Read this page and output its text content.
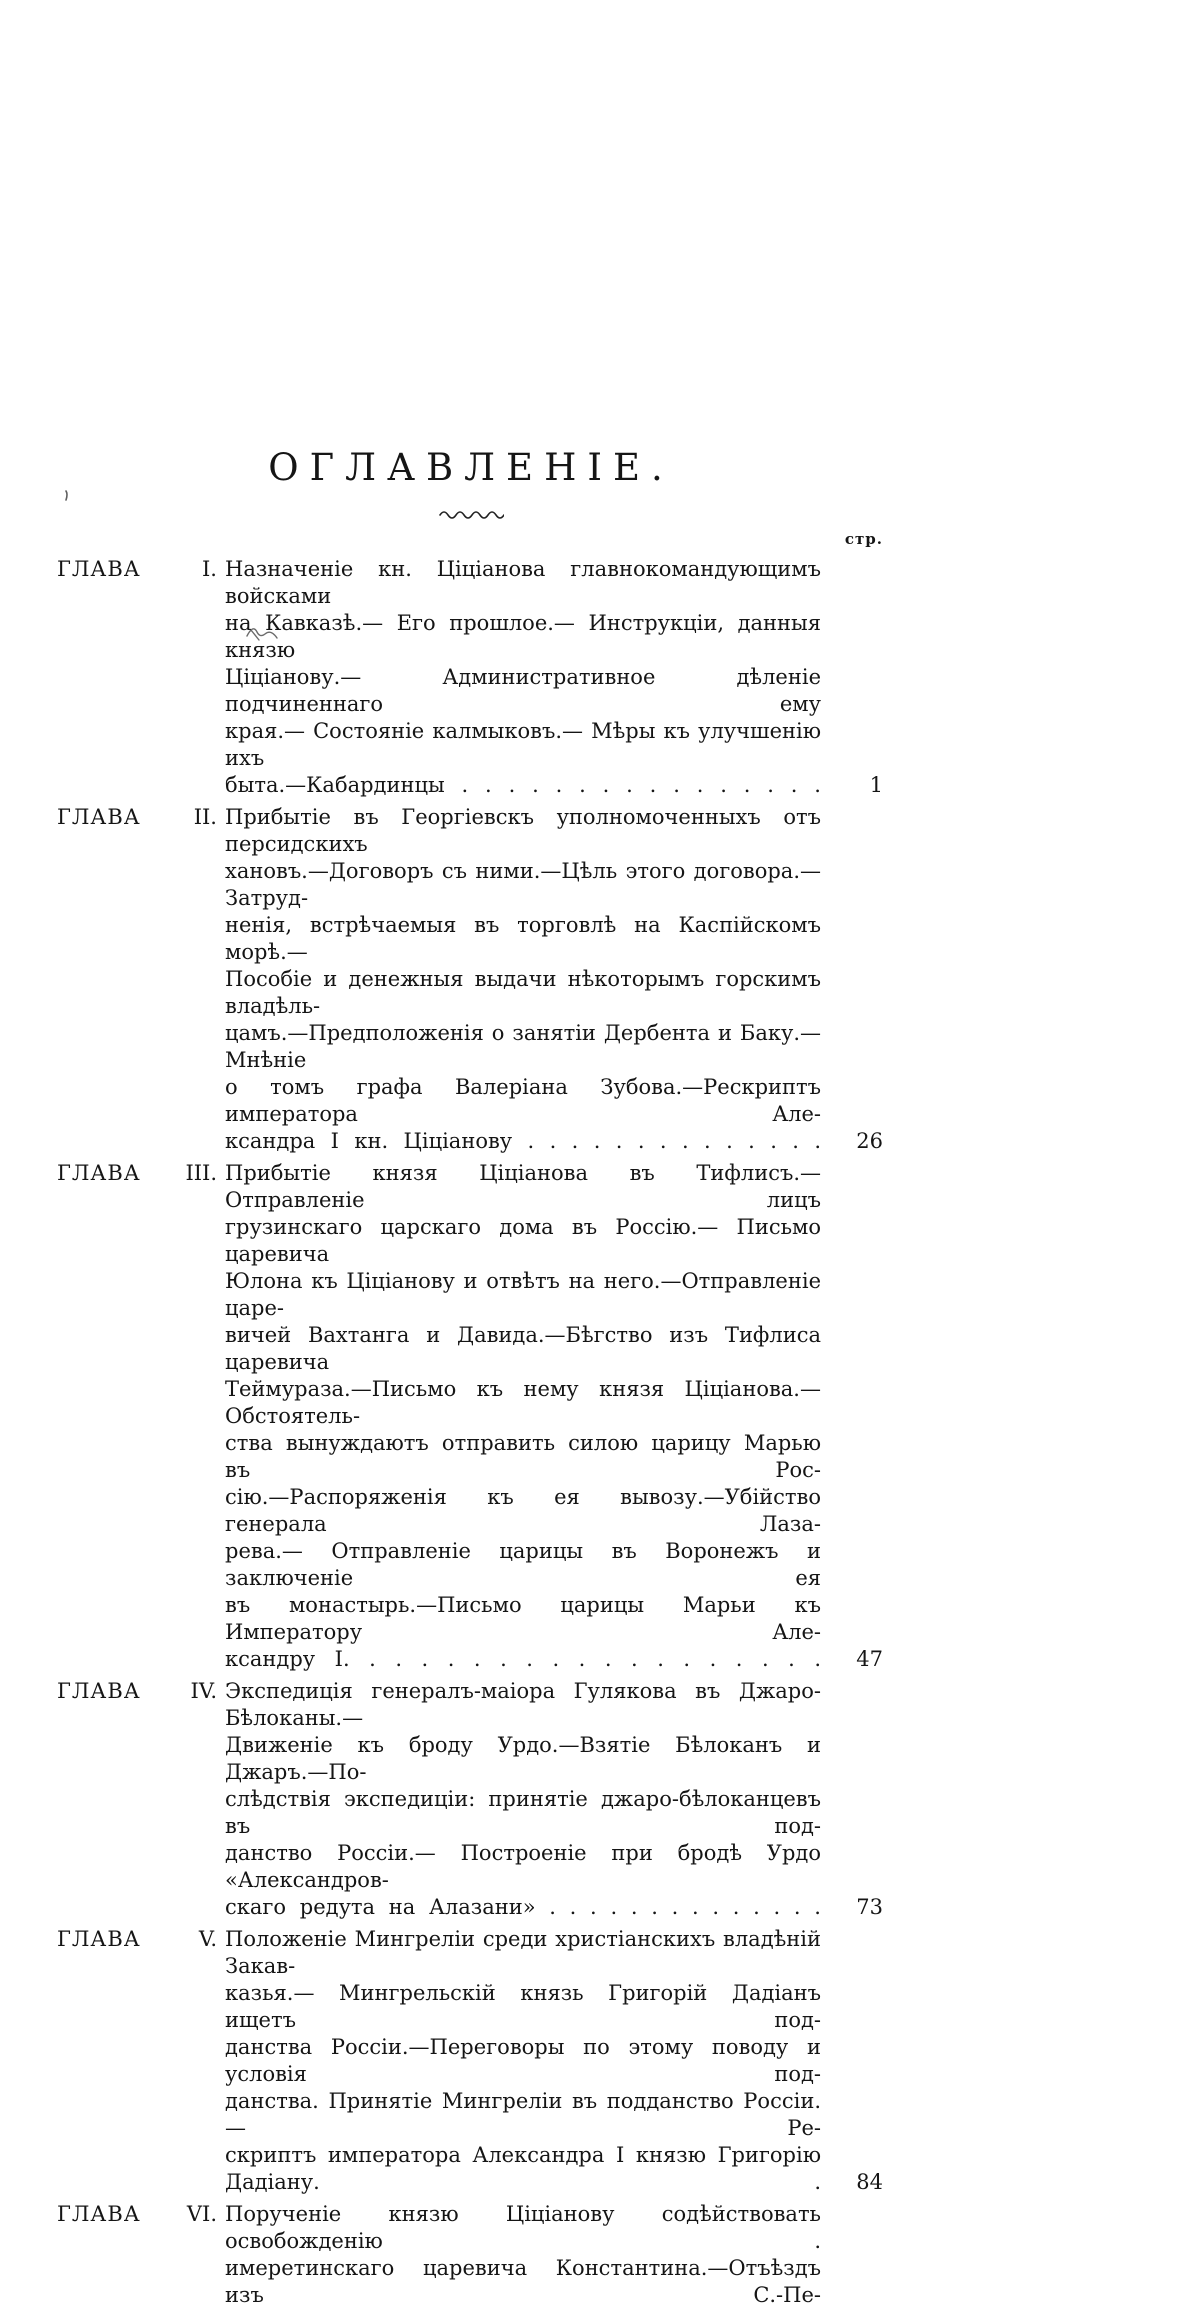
ОГЛАВЛЕНІЕ.
стр.
ГЛАВА	I. Назначеніе кн. Ціціанова главнокомандующимъ войсками
на Кавказѣ.— Его прошлое.— Инструкціи, данныя князю
Ціціанову.— Административное дѣленіе подчиненнаго ему
края.— Состояніе калмыковъ.— Мѣры къ улучшенію ихъ
быта.—Кабардинцы . . . . . . . . . . . . . . . .	1
ГЛАВА	II. Прибытіе въ Георгіевскъ уполномоченныхъ отъ персидскихъ
хановъ.—Договоръ съ ними.—Цѣль этого договора.—Затруд-
ненія, встрѣчаемыя въ торговлѣ на Каспійскомъ морѣ.—
Пособіе и денежныя выдачи нѣкоторымъ горскимъ владѣль-
цамъ.—Предположенія о занятіи Дербента и Баку.—Мнѣніе
о томъ графа Валеріана Зубова.—Рескриптъ императора Але-
ксандра I кн. Ціціанову . . . . . . . . . . . . . .	26
ГЛАВА	III. Прибытіе князя Ціціанова въ Тифлисъ.—Отправленіе лицъ
грузинскаго царскаго дома въ Россію.— Письмо царевича
Юлона къ Ціціанову и отвѣтъ на него.—Отправленіе царе-
вичей Вахтанга и Давида.—Бѣгство изъ Тифлиса царевича
Теймураза.—Письмо къ нему князя Ціціанова.—Обстоятель-
ства вынуждаютъ отправить силою царицу Марью въ Рос-
сію.—Распоряженія къ ея вывозу.—Убійство генерала Лаза-
рева.— Отправленіе царицы въ Воронежъ и заключеніе ея
въ монастырь.—Письмо царицы Марьи къ Императору Але-
ксандру I. . . . . . . . . . . . . . . . . . .	47
ГЛАВА	IV. Экспедиція генералъ-маіора Гулякова въ Джаро-Бѣлоканы.—
Движеніе къ броду Урдо.—Взятіе Бѣлоканъ и Джаръ.—По-
слѣдствія экспедиціи: принятіе джаро-бѣлоканцевъ въ под-
данство Россіи.— Построеніе при бродѣ Урдо «Александров-
скаго редута на Алазани» . . . . . . . . . . . . . .	73
ГЛАВА	V. Положеніе Мингреліи среди христіанскихъ владѣній Закав-
казья.— Мингрельскій князь Григорій Дадіанъ ищетъ под-
данства Россіи.—Переговоры по этому поводу и условія под-
данства. Принятіе Мингреліи въ подданство Россіи. — Ре-
скриптъ императора Александра I князю Григорію Дадіану. .	84
ГЛАВА	VI. Порученіе князю Ціціанову содѣйствовать освобожденію .
имеретинскаго царевича Константина.—Отъѣздъ изъ С.-Пе-
